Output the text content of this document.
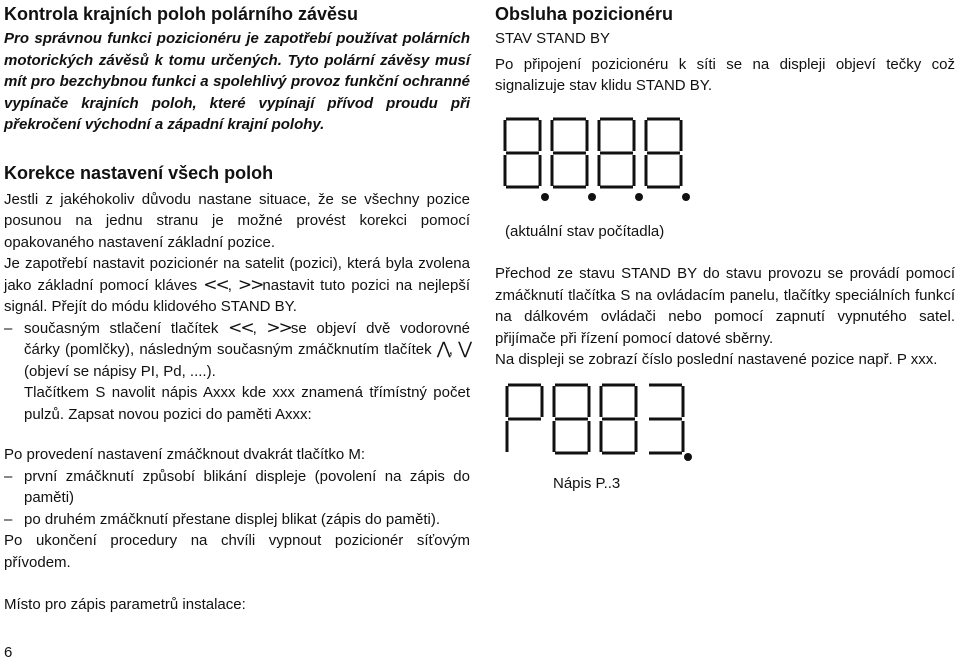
Kontrola krajních poloh polárního závěsu

Pro správnou funkci pozicionéru je zapotřebí používat polárních motorických závěsů k tomu určených. Tyto polární závěsy musí mít pro bezchybnou funkci a spolehlivý provoz funkční ochranné vypínače krajních poloh, které vypínají přívod proudu při překročení východní a západní krajní polohy.

Korekce nastavení všech poloh

Jestli z jakéhokoliv důvodu nastane situace, že se všechny pozice posunou na jednu stranu je možné provést korekci pomocí opakovaného nastavení základní pozice.

Je zapotřebí nastavit pozicionér na satelit (pozici), která byla zvolena jako základní pomocí kláves <<, >>nastavit tuto pozici na nejlepší signál. Přejít do módu klidového STAND BY.

– současným stlačení tlačítek <<, >>se objeví dvě vodorovné čárky (pomlčky), následným současným zmáčknutím tlačítek ⋀, ⋁ (objeví se nápisy PI, Pd, ....).

Tlačítkem S navolit nápis Axxx kde xxx znamená třímístný počet pulzů. Zapsat novou pozici do paměti Axxx:

Po provedení nastavení zmáčknout dvakrát tlačítko M:

– první zmáčknutí způsobí blikání displeje (povolení na zápis do paměti)

– po druhém zmáčknutí přestane displej blikat (zápis do paměti).

Po ukončení procedury na chvíli vypnout pozicionér síťovým přívodem.

Místo pro zápis parametrů instalace:

Obsluha pozicionéru

STAV STAND BY

Po připojení pozicionéru k síti se na displeji objeví tečky což signalizuje stav klidu STAND BY.

(aktuální stav počítadla)

Přechod ze stavu STAND BY do stavu provozu se provádí pomocí zmáčknutí tlačítka S na ovládacím panelu, tlačítky speciálních funkcí na dálkovém ovládači nebo pomocí zapnutí vypnutého satel. přijímače při řízení pomocí datové sběrny.

Na displeji se zobrazí číslo poslední nastavené pozice např. P xxx.

Nápis P..3

6
